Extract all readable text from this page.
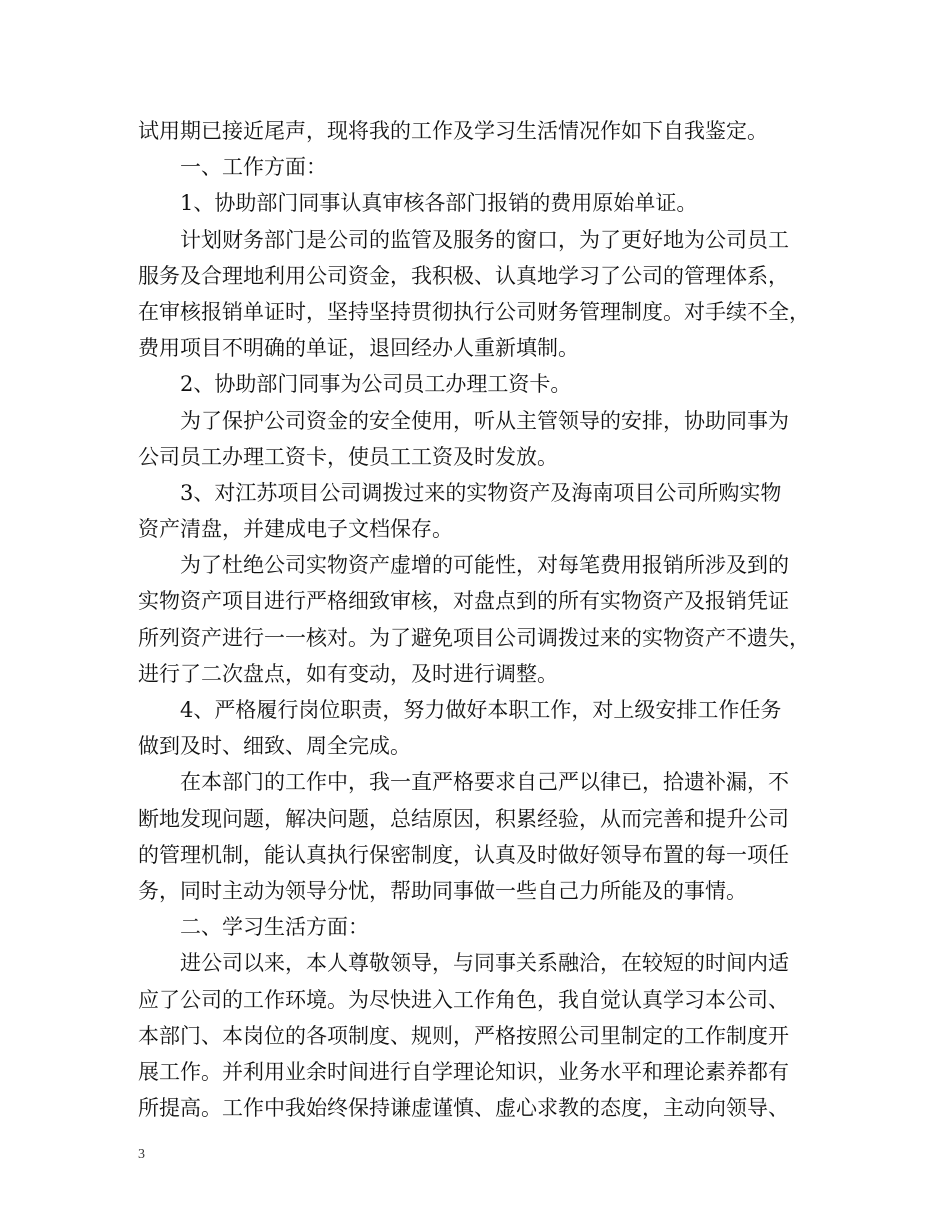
试用期已接近尾声，现将我的工作及学习生活情况作如下自我鉴定。
一、工作方面：
1、协助部门同事认真审核各部门报销的费用原始单证。
计划财务部门是公司的监管及服务的窗口，为了更好地为公司员工
服务及合理地利用公司资金，我积极、认真地学习了公司的管理体系，
在审核报销单证时，坚持坚持贯彻执行公司财务管理制度。对手续不全，
费用项目不明确的单证，退回经办人重新填制。
2、协助部门同事为公司员工办理工资卡。
为了保护公司资金的安全使用，听从主管领导的安排，协助同事为
公司员工办理工资卡，使员工工资及时发放。
3、对江苏项目公司调拨过来的实物资产及海南项目公司所购实物
资产清盘，并建成电子文档保存。
为了杜绝公司实物资产虚增的可能性，对每笔费用报销所涉及到的
实物资产项目进行严格细致审核，对盘点到的所有实物资产及报销凭证
所列资产进行一一核对。为了避免项目公司调拨过来的实物资产不遗失，
进行了二次盘点，如有变动，及时进行调整。
4、严格履行岗位职责，努力做好本职工作，对上级安排工作任务
做到及时、细致、周全完成。
在本部门的工作中，我一直严格要求自己严以律已，拾遗补漏，不
断地发现问题，解决问题，总结原因，积累经验，从而完善和提升公司
的管理机制，能认真执行保密制度，认真及时做好领导布置的每一项任
务，同时主动为领导分忧，帮助同事做一些自己力所能及的事情。
二、学习生活方面：
进公司以来，本人尊敬领导，与同事关系融洽，在较短的时间内适
应了公司的工作环境。为尽快进入工作角色，我自觉认真学习本公司、
本部门、本岗位的各项制度、规则，严格按照公司里制定的工作制度开
展工作。并利用业余时间进行自学理论知识，业务水平和理论素养都有
所提高。工作中我始终保持谦虚谨慎、虚心求教的态度，主动向领导、
3
